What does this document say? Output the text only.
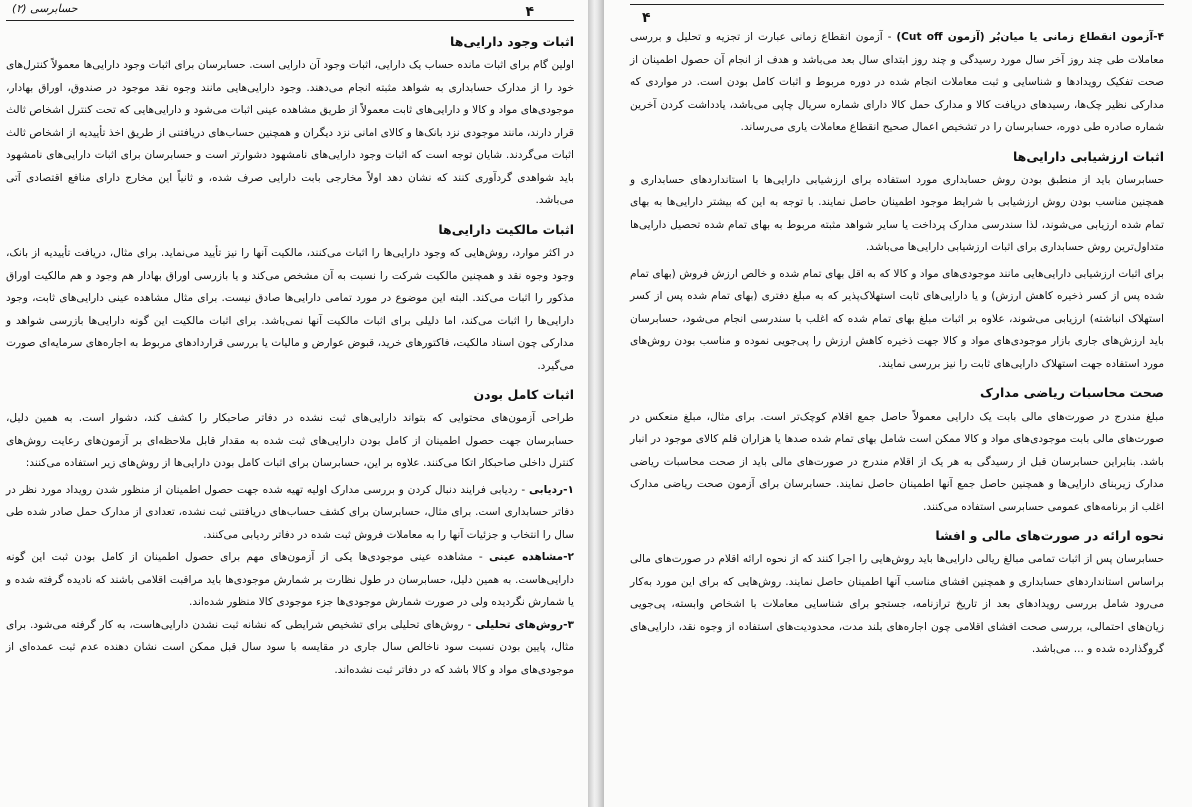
حسابرسی (۲)	۴
اثبات وجود دارایی‌ها

اولین گام برای اثبات مانده حساب یک دارایی، اثبات وجود آن دارایی است. حسابرسان برای اثبات وجود دارایی‌ها معمولاً کنترل‌های خود را از مدارک حسابداری به شواهد مثبته انجام می‌دهند. وجود دارایی‌هایی مانند وجوه نقد موجود در صندوق، اوراق بهادار، موجودی‌های مواد و کالا و دارایی‌های ثابت معمولاً از طریق مشاهده عینی اثبات می‌شود و دارایی‌هایی که تحت کنترل اشخاص ثالث قرار دارند، مانند موجودی نزد بانک‌ها و کالای امانی نزد دیگران و همچنین حساب‌های دریافتنی از طریق اخذ تأییدیه از اشخاص ثالث اثبات می‌گردند. شایان توجه است که اثبات وجود دارایی‌های نامشهود دشوارتر است و حسابرسان برای اثبات دارایی‌های نامشهود باید شواهدی گردآوری کنند که نشان دهد اولاً مخارجی بابت دارایی صرف شده، و ثانیاً این مخارج دارای منافع اقتصادی آتی می‌باشد.

اثبات مالکیت دارایی‌ها

در اکثر موارد، روش‌هایی که وجود دارایی‌ها را اثبات می‌کنند، مالکیت آنها را نیز تأیید می‌نماید. برای مثال، دریافت تأییدیه از بانک، وجود وجوه نقد و همچنین مالکیت شرکت را نسبت به آن مشخص می‌کند و یا بازرسی اوراق بهادار هم وجود و هم مالکیت اوراق مذکور را اثبات می‌کند. البته این موضوع در مورد تمامی دارایی‌ها صادق نیست. برای مثال مشاهده عینی دارایی‌های ثابت، وجود دارایی‌ها را اثبات می‌کند، اما دلیلی برای اثبات مالکیت آنها نمی‌باشد. برای اثبات مالکیت این گونه دارایی‌ها بازرسی شواهد و مدارکی چون اسناد مالکیت، فاکتورهای خرید، قبوض عوارض و مالیات یا بررسی قراردادهای مربوط به اجاره‌های سرمایه‌ای صورت می‌گیرد.

اثبات کامل بودن

طراحی آزمون‌های محتوایی که بتواند دارایی‌های ثبت نشده در دفاتر صاحبکار را کشف کند، دشوار است. به همین دلیل، حسابرسان جهت حصول اطمینان از کامل بودن دارایی‌های ثبت شده به مقدار قابل ملاحظه‌ای بر آزمون‌های رعایت روش‌های کنترل داخلی صاحبکار اتکا می‌کنند. علاوه بر این، حسابرسان برای اثبات کامل بودن دارایی‌ها از روش‌های زیر استفاده می‌کنند:

۱-ردیابی - ردیابی فرایند دنبال کردن و بررسی مدارک اولیه تهیه شده جهت حصول اطمینان از منظور شدن رویداد مورد نظر در دفاتر حسابداری است. برای مثال، حسابرسان برای کشف حساب‌های دریافتنی ثبت نشده، تعدادی از مدارک حمل صادر شده طی سال را انتخاب و جزئیات آنها را به معاملات فروش ثبت شده در دفاتر ردیابی می‌کنند.
۲-مشاهده عینی - مشاهده عینی موجودی‌ها یکی از آزمون‌های مهم برای حصول اطمینان از کامل بودن ثبت این گونه دارایی‌هاست. به همین دلیل، حسابرسان در طول نظارت بر شمارش موجودی‌ها باید مراقبت اقلامی باشند که نادیده گرفته شده و یا شمارش نگردیده ولی در صورت شمارش موجودی‌ها جزء موجودی کالا منظور شده‌اند.
۳-روش‌های تحلیلی - روش‌های تحلیلی برای تشخیص شرایطی که نشانه ثبت نشدن دارایی‌هاست، به کار گرفته می‌شود. برای مثال، پایین بودن نسبت سود ناخالص سال جاری در مقایسه با سود سال قبل ممکن است نشان دهنده عدم ثبت عمده‌ای از موجودی‌های مواد و کالا باشد که در دفاتر ثبت نشده‌اند.
۴
۴-آزمون انقطاع زمانی یا میان‌بُر (آزمون Cut off) - آزمون انقطاع زمانی عبارت از تجزیه و تحلیل و بررسی معاملات طی چند روز آخر سال مورد رسیدگی و چند روز ابتدای سال بعد می‌باشد و هدف از انجام آن حصول اطمینان از صحت تفکیک رویدادها و شناسایی و ثبت معاملات انجام شده در دوره مربوط و اثبات کامل بودن است. در مواردی که مدارکی نظیر چک‌ها، رسیدهای دریافت کالا و مدارک حمل کالا دارای شماره سریال چاپی می‌باشد، یادداشت کردن آخرین شماره صادره طی دوره، حسابرسان را در تشخیص اعمال صحیح انقطاع معاملات یاری می‌رساند.
اثبات ارزشیابی دارایی‌ها

حسابرسان باید از منطبق بودن روش حسابداری مورد استفاده برای ارزشیابی دارایی‌ها با استانداردهای حسابداری و همچنین مناسب بودن روش ارزشیابی با شرایط موجود اطمینان حاصل نمایند. با توجه به این که بیشتر دارایی‌ها به بهای تمام شده ارزیابی می‌شوند، لذا سندرسی مدارک پرداخت یا سایر شواهد مثبته مربوط به بهای تمام شده تحصیل دارایی‌ها متداول‌ترین روش حسابداری برای اثبات ارزشیابی دارایی‌ها می‌باشد.

برای اثبات ارزشیابی دارایی‌هایی مانند موجودی‌های مواد و کالا که به اقل بهای تمام شده و خالص ارزش فروش (بهای تمام شده پس از کسر ذخیره کاهش ارزش) و یا دارایی‌های ثابت استهلاک‌پذیر که به مبلغ دفتری (بهای تمام شده پس از کسر استهلاک انباشته) ارزیابی می‌شوند، علاوه بر اثبات مبلغ بهای تمام شده که اغلب با سندرسی انجام می‌شود، حسابرسان باید ارزش‌های جاری بازار موجودی‌های مواد و کالا جهت ذخیره کاهش ارزش را پی‌جویی نموده و مناسب بودن روش‌های مورد استفاده جهت استهلاک دارایی‌های ثابت را نیز بررسی نمایند.

صحت محاسبات ریاضی مدارک

مبلغ مندرج در صورت‌های مالی بابت یک دارایی معمولاً حاصل جمع اقلام کوچک‌تر است. برای مثال، مبلغ منعکس در صورت‌های مالی بابت موجودی‌های مواد و کالا ممکن است شامل بهای تمام شده صدها یا هزاران قلم کالای موجود در انبار باشد. بنابراین حسابرسان قبل از رسیدگی به هر یک از اقلام مندرج در صورت‌های مالی باید از صحت محاسبات ریاضی مدارک زیربنای دارایی‌ها و همچنین حاصل جمع آنها اطمینان حاصل نمایند. حسابرسان برای آزمون صحت ریاضی مدارک اغلب از برنامه‌های عمومی حسابرسی استفاده می‌کنند.

نحوه ارائه در صورت‌های مالی و افشا

حسابرسان پس از اثبات تمامی مبالغ ریالی دارایی‌ها باید روش‌هایی را اجرا کنند که از نحوه ارائه اقلام در صورت‌های مالی براساس استانداردهای حسابداری و همچنین افشای مناسب آنها اطمینان حاصل نمایند. روش‌هایی که برای این مورد به‌کار می‌رود شامل بررسی رویدادهای بعد از تاریخ ترازنامه، جستجو برای شناسایی معاملات با اشخاص وابسته، پی‌جویی زیان‌های احتمالی، بررسی صحت افشای اقلامی چون اجاره‌های بلند مدت، محدودیت‌های استفاده از وجوه نقد، دارایی‌های گروگذارده شده و ... می‌باشد.
